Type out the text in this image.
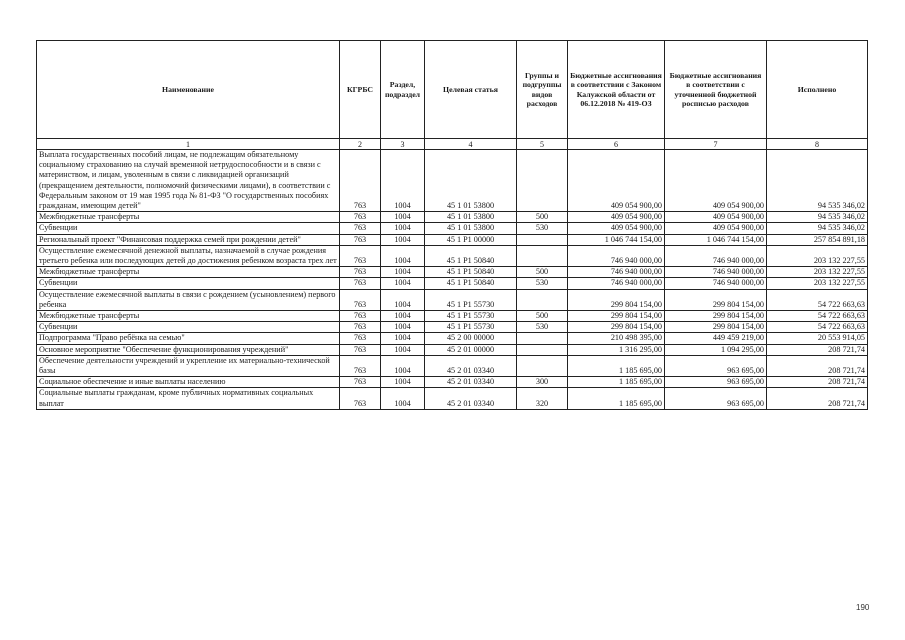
Наименование	КГРБС	Раздел, подраздел	Целевая статья	Группы и подгруппы видов расходов	Бюджетные ассигнования в соответствии с Законом Калужской области от 06.12.2018 № 419-ОЗ	Бюджетные ассигнования в соответствии с уточненной бюджетной росписью расходов	Исполнено
1	2	3	4	5	6	7	8
Выплата государственных пособий лицам, не подлежащим обязательному социальному страхованию на случай временной нетрудоспособности и в связи с материнством, и лицам, уволенным в связи с ликвидацией организаций (прекращением деятельности, полномочий физическими лицами), в соответствии с Федеральным законом от 19 мая 1995 года № 81-ФЗ "О государственных пособиях гражданам, имеющим детей"	763	1004	45 1 01 53800		409 054 900,00	409 054 900,00	94 535 346,02
Межбюджетные трансферты	763	1004	45 1 01 53800	500	409 054 900,00	409 054 900,00	94 535 346,02
Субвенции	763	1004	45 1 01 53800	530	409 054 900,00	409 054 900,00	94 535 346,02
Региональный проект "Финансовая поддержка семей при рождении детей"	763	1004	45 1 P1 00000		1 046 744 154,00	1 046 744 154,00	257 854 891,18
Осуществление ежемесячной денежной выплаты, назначаемой в случае рождения третьего ребенка или последующих детей до достижения ребенком возраста трех лет	763	1004	45 1 P1 50840		746 940 000,00	746 940 000,00	203 132 227,55
Межбюджетные трансферты	763	1004	45 1 P1 50840	500	746 940 000,00	746 940 000,00	203 132 227,55
Субвенции	763	1004	45 1 P1 50840	530	746 940 000,00	746 940 000,00	203 132 227,55
Осуществление ежемесячной выплаты в связи с рождением (усыновлением) первого ребенка	763	1004	45 1 P1 55730		299 804 154,00	299 804 154,00	54 722 663,63
Межбюджетные трансферты	763	1004	45 1 P1 55730	500	299 804 154,00	299 804 154,00	54 722 663,63
Субвенции	763	1004	45 1 P1 55730	530	299 804 154,00	299 804 154,00	54 722 663,63
Подпрограмма "Право ребёнка на семью"	763	1004	45 2 00 00000		210 498 395,00	449 459 219,00	20 553 914,05
Основное мероприятие "Обеспечение функционирования учреждений"	763	1004	45 2 01 00000		1 316 295,00	1 094 295,00	208 721,74
Обеспечение деятельности учреждений и укрепление их материально-технической базы	763	1004	45 2 01 03340		1 185 695,00	963 695,00	208 721,74
Социальное обеспечение и иные выплаты населению	763	1004	45 2 01 03340	300	1 185 695,00	963 695,00	208 721,74
Социальные выплаты гражданам, кроме публичных нормативных социальных выплат	763	1004	45 2 01 03340	320	1 185 695,00	963 695,00	208 721,74
190
